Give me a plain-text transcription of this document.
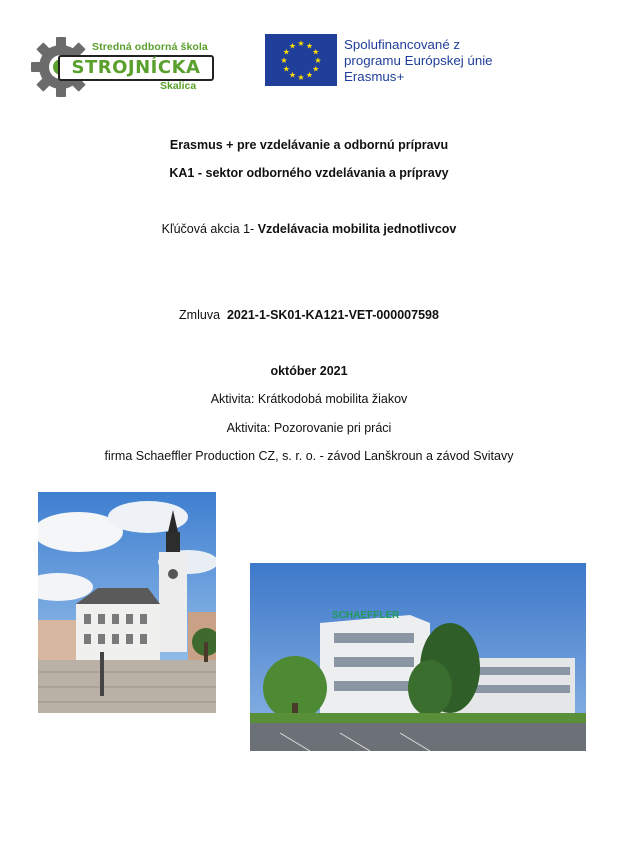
Stredná odborná škola
STROJNÍCKA
Skalica
★ ★
★
★
★
★
★
★
★
★
★
★	Spolufinancované z
programu Európskej únie
Erasmus+
Erasmus + pre vzdelávanie a odbornú prípravu
KA1 - sektor odborného vzdelávania a prípravy
Kľúčová akcia 1- Vzdelávacia mobilita jednotlivcov
Zmluva  2021-1-SK01-KA121-VET-000007598
október 2021
Aktivita: Krátkodobá mobilita žiakov
Aktivita: Pozorovanie pri práci
firma Schaeffler Production CZ, s. r. o. - závod Lanškroun a závod Svitavy
SCHAEFFLER
